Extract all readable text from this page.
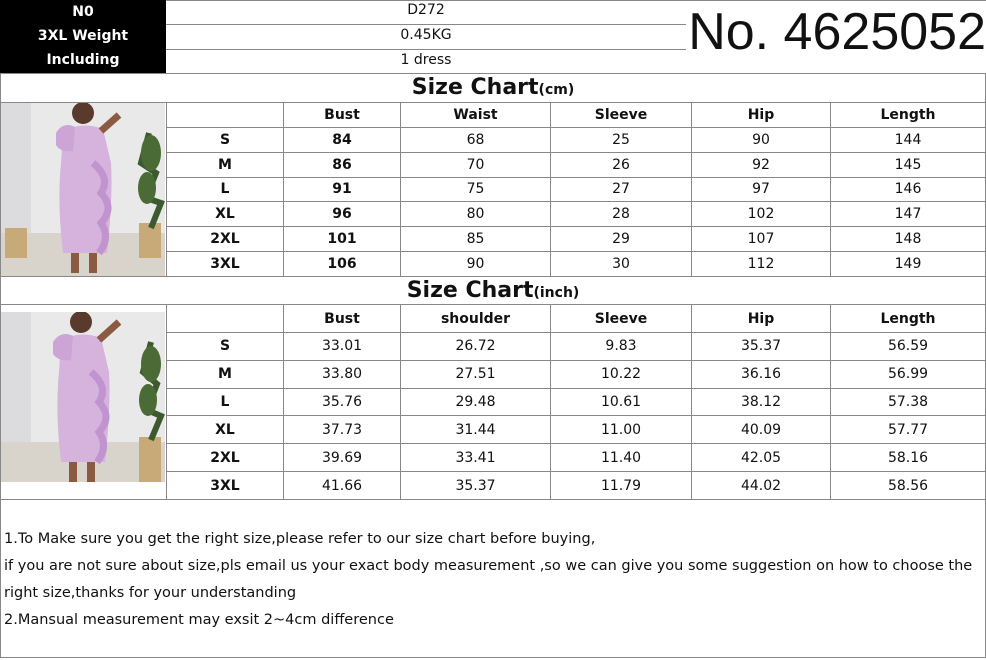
N0
3XL Weight
Including
D272
0.45KG
1 dress	No. 4625052
Size Chart(cm)
	Bust	Waist	Sleeve	Hip	Length
S	84	68	25	90	144
M	86	70	26	92	145
L	91	75	27	97	146
XL	96	80	28	102	147
2XL	101	85	29	107	148
3XL	106	90	30	112	149
Size Chart(inch)
	Bust	shoulder	Sleeve	Hip	Length
S	33.01	26.72	9.83	35.37	56.59
M	33.80	27.51	10.22	36.16	56.99
L	35.76	29.48	10.61	38.12	57.38
XL	37.73	31.44	11.00	40.09	57.77
2XL	39.69	33.41	11.40	42.05	58.16
3XL	41.66	35.37	11.79	44.02	58.56

1.To Make sure you get the right size,please refer to our size chart before buying,

if you are not sure about size,pls email us your exact body measurement ,so we can give you some suggestion on how to choose the right size,thanks for your understanding

2.Mansual measurement may exsit 2~4cm difference
